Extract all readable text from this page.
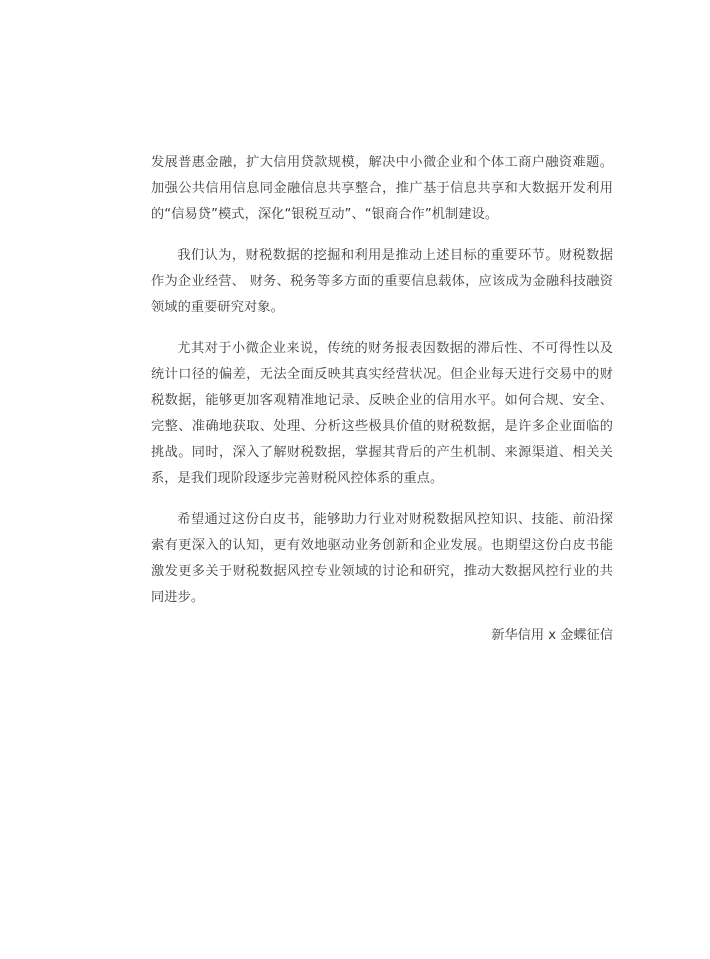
发展普惠金融，扩大信用贷款规模，解决中小微企业和个体工商户融资难题。加强公共信用信息同金融信息共享整合，推广基于信息共享和大数据开发利用的“信易贷”模式，深化“银税互动”、“银商合作”机制建设。

我们认为，财税数据的挖掘和利用是推动上述目标的重要环节。财税数据作为企业经营、 财务、税务等多方面的重要信息载体，应该成为金融科技融资领域的重要研究对象。

尤其对于小微企业来说，传统的财务报表因数据的滞后性、不可得性以及统计口径的偏差，无法全面反映其真实经营状况。但企业每天进行交易中的财税数据，能够更加客观精准地记录、反映企业的信用水平。如何合规、安全、完整、准确地获取、处理、分析这些极具价值的财税数据，是许多企业面临的挑战。同时，深入了解财税数据，掌握其背后的产生机制、来源渠道、相关关系，是我们现阶段逐步完善财税风控体系的重点。

希望通过这份白皮书，能够助力行业对财税数据风控知识、技能、前沿探索有更深入的认知，更有效地驱动业务创新和企业发展。也期望这份白皮书能激发更多关于财税数据风控专业领域的讨论和研究，推动大数据风控行业的共同进步。

新华信用 x 金蝶征信
